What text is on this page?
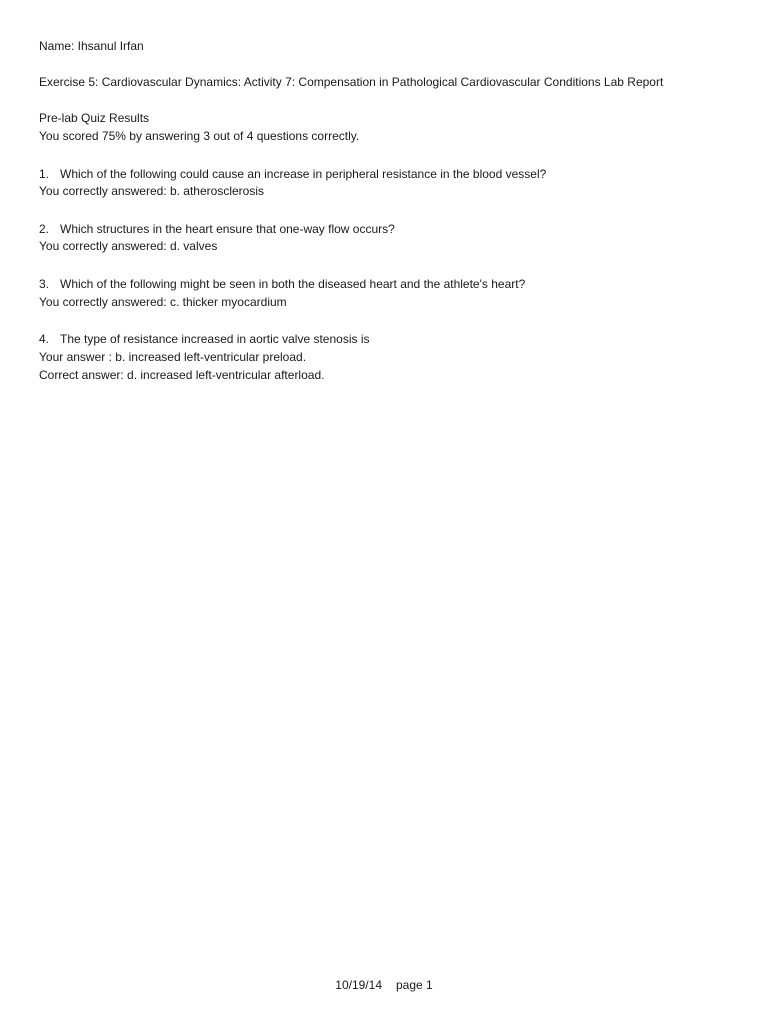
Name: Ihsanul Irfan
Exercise 5: Cardiovascular Dynamics: Activity 7: Compensation in Pathological Cardiovascular Conditions Lab Report
Pre-lab Quiz Results
You scored 75% by answering 3 out of 4 questions correctly.
1. Which of the following could cause an increase in peripheral resistance in the blood vessel?
You correctly answered: b. atherosclerosis
2. Which structures in the heart ensure that one-way flow occurs?
You correctly answered: d. valves
3. Which of the following might be seen in both the diseased heart and the athlete's heart?
You correctly answered: c. thicker myocardium
4. The type of resistance increased in aortic valve stenosis is
Your answer : b. increased left-ventricular preload.
Correct answer: d. increased left-ventricular afterload.
10/19/14 page 1
